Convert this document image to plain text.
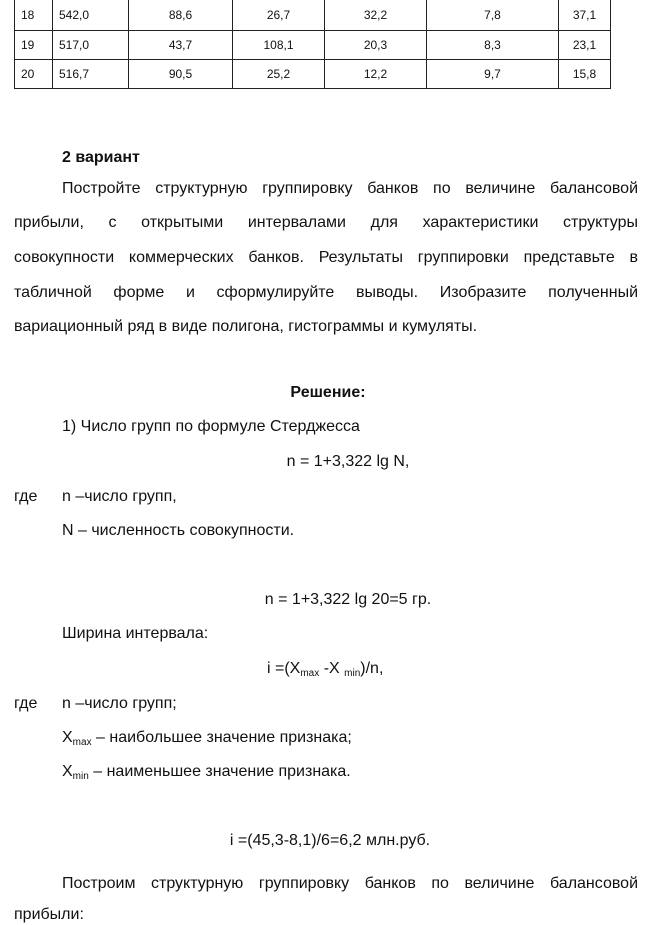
18	542,0	88,6	26,7	32,2	7,8	37,1
19	517,0	43,7	108,1	20,3	8,3	23,1
20	516,7	90,5	25,2	12,2	9,7	15,8
2 вариант
Постройте структурную группировку банков по величине балансовой
прибыли, с открытыми интервалами для характеристики структуры
совокупности коммерческих банков. Результаты группировки представьте в
табличной форме и сформулируйте выводы. Изобразите полученный
вариационный ряд в виде полигона, гистограммы и кумуляты.
Решение:
1) Число групп по формуле Стерджесса
n = 1+3,322 lg N,
где n –число групп,
N – численность совокупности.
n = 1+3,322 lg 20=5 гр.
Ширина интервала:
$i =(X_{max}$ -X $_{min}$)/n,
где n –число групп;
$X_{max}$ – наибольшее значение признака;
$X_{min}$ – наименьшее значение признака.
i =(45,3-8,1)/6=6,2 млн.руб.
Построим структурную группировку банков по величине балансовой
прибыли:
